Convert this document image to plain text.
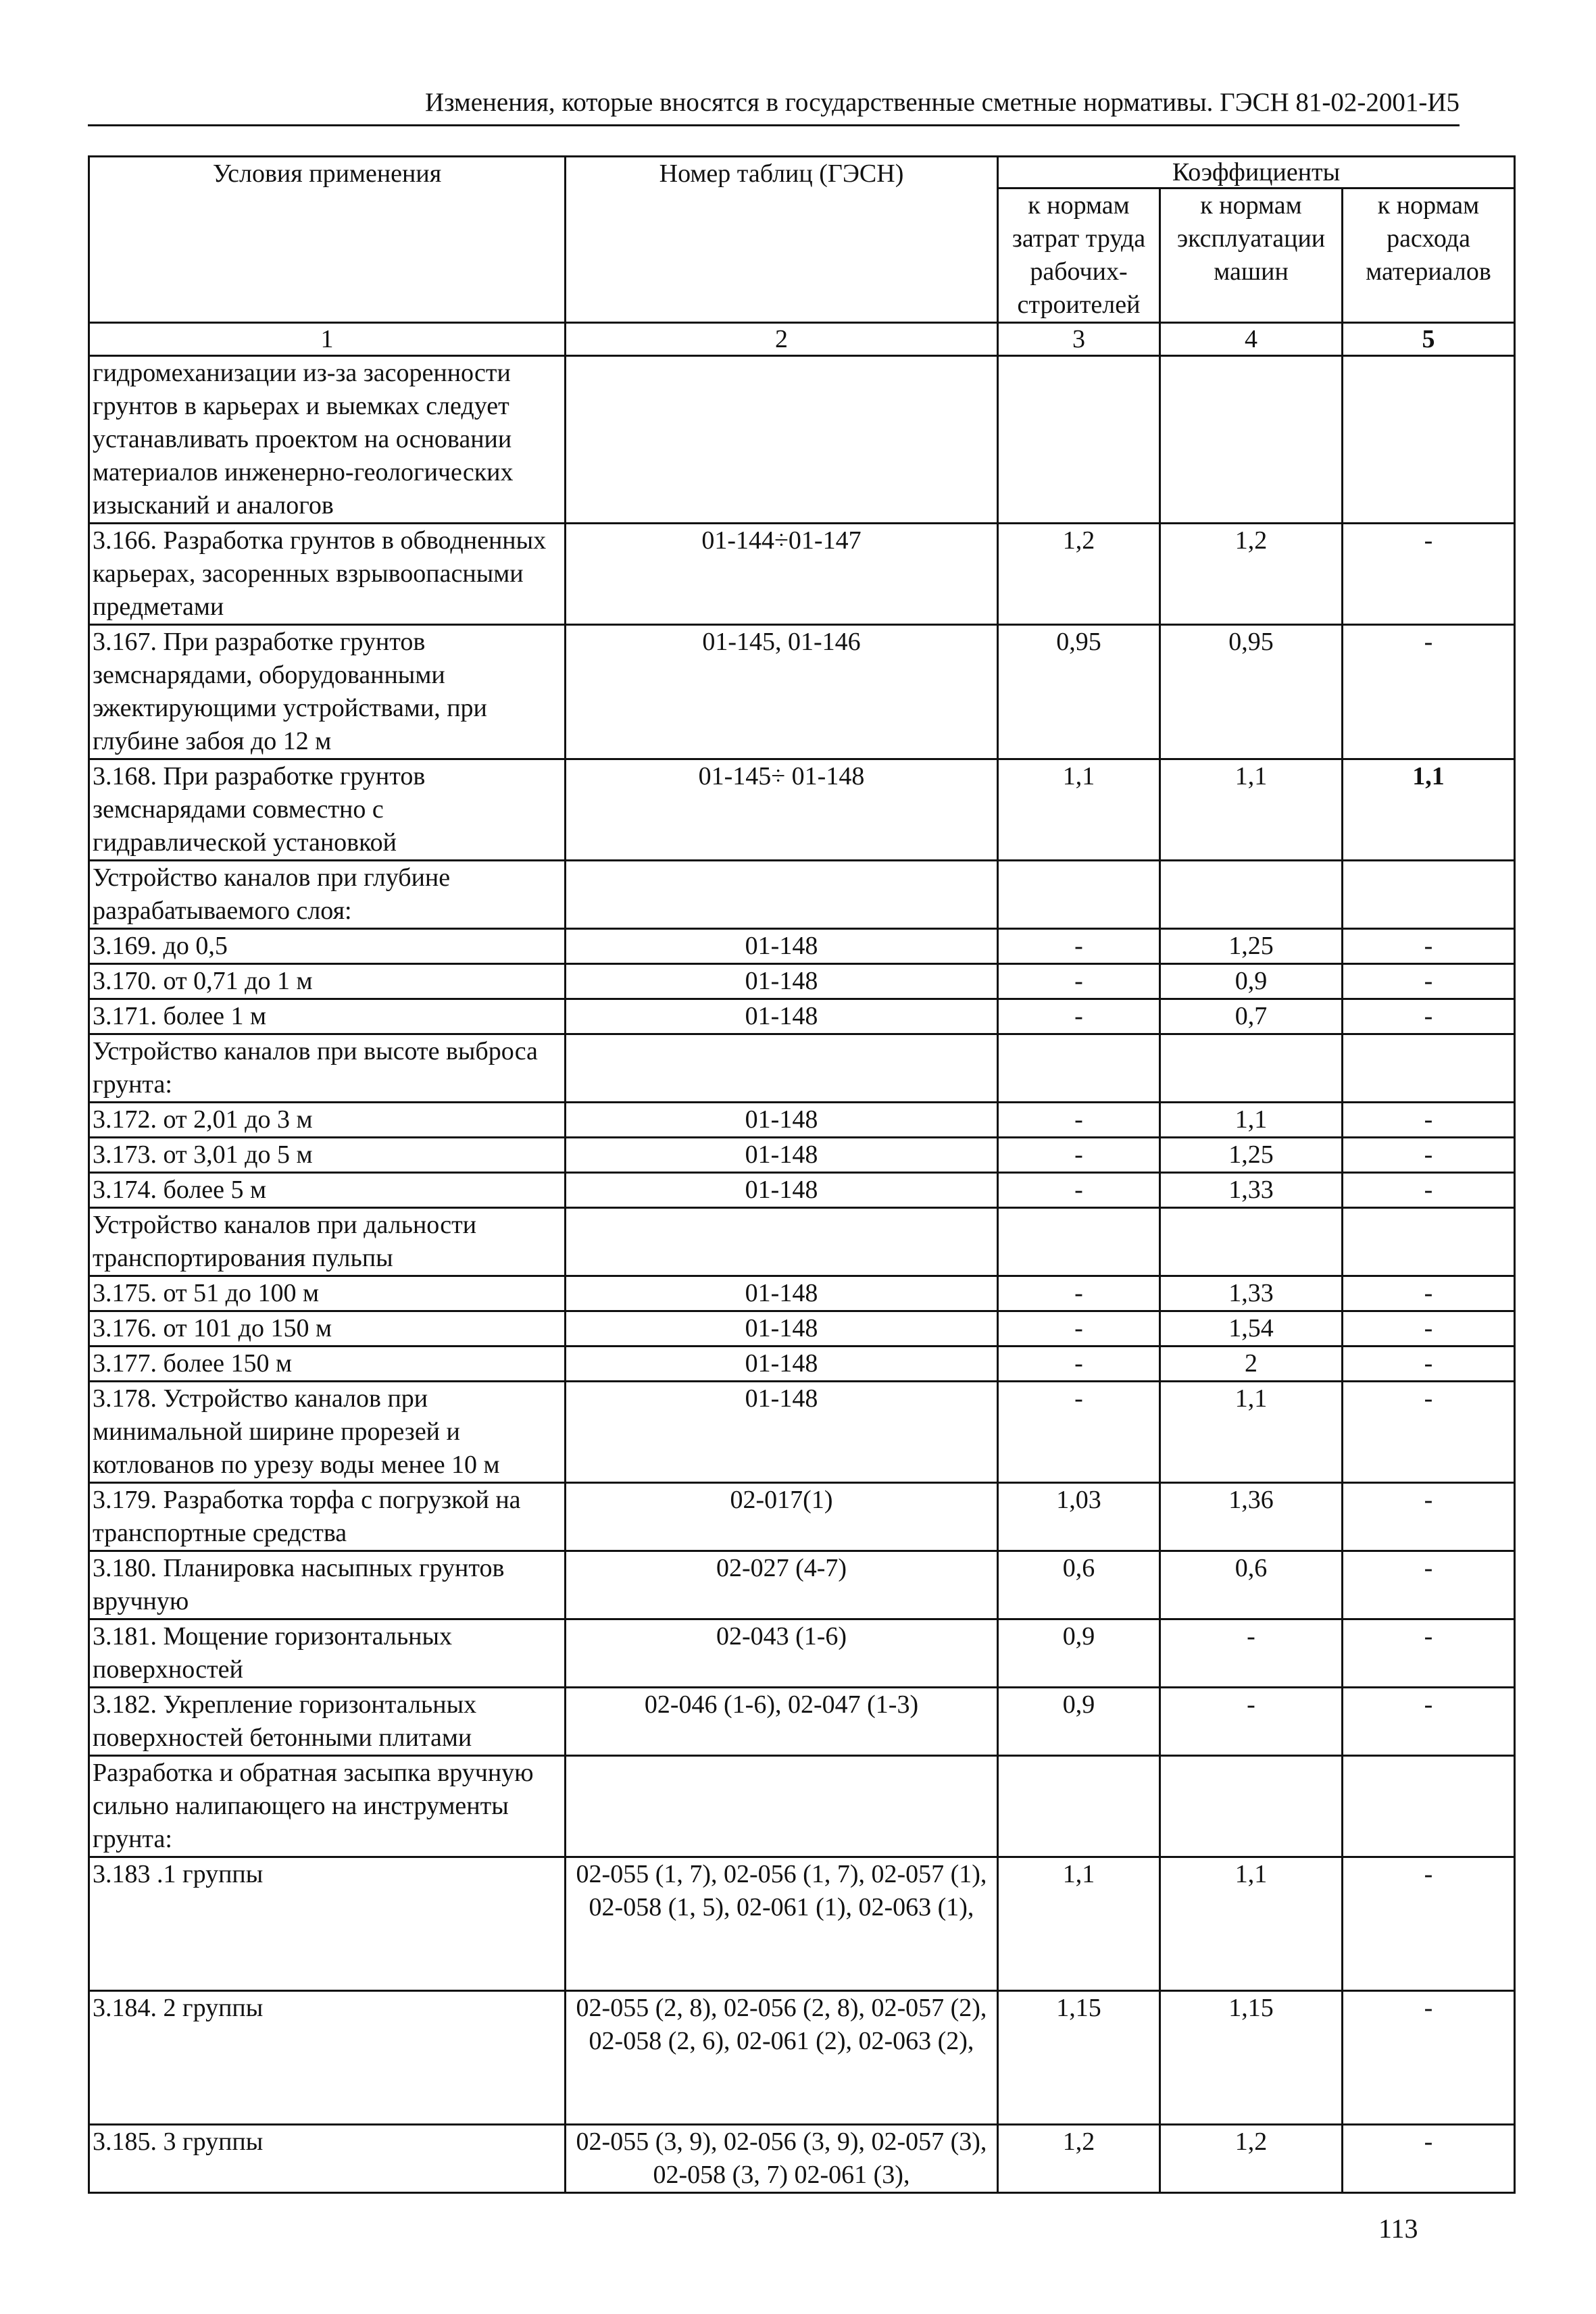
Изменения, которые вносятся в государственные сметные нормативы. ГЭСН 81-02-2001-И5
Условия применения	Номер таблиц (ГЭСН)	Коэффициенты		
		к нормам затрат труда рабочих-строителей	к нормам эксплуатации машин	к нормам расхода материалов
1	2	3	4	5
гидромеханизации из-за засоренности грунтов в карьерах и выемках следует устанавливать проектом на основании материалов инженерно-геологических изысканий и аналогов				
3.166. Разработка грунтов в обводненных карьерах, засоренных взрывоопасными предметами	01-144÷01-147	1,2	1,2	-
3.167. При разработке грунтов земснарядами, оборудованными эжектирующими устройствами, при глубине забоя до 12 м	01-145, 01-146	0,95	0,95	-
3.168. При разработке грунтов земснарядами совместно с гидравлической установкой	01-145÷ 01-148	1,1	1,1	1,1
Устройство каналов при глубине разрабатываемого слоя:				
3.169. до 0,5	01-148	-	1,25	-
3.170. от 0,71 до 1 м	01-148	-	0,9	-
3.171. более 1 м	01-148	-	0,7	-
Устройство каналов при высоте выброса грунта:				
3.172. от 2,01 до 3 м	01-148	-	1,1	-
3.173. от 3,01 до 5 м	01-148	-	1,25	-
3.174. более 5 м	01-148	-	1,33	-
Устройство каналов при дальности транспортирования пульпы				
3.175. от 51 до 100 м	01-148	-	1,33	-
3.176. от 101 до 150 м	01-148	-	1,54	-
3.177. более 150 м	01-148	-	2	-
3.178. Устройство каналов при минимальной ширине прорезей и котлованов по урезу воды менее 10 м	01-148	-	1,1	-
3.179. Разработка торфа с погрузкой на транспортные средства	02-017(1)	1,03	1,36	-
3.180. Планировка насыпных грунтов вручную	02-027 (4-7)	0,6	0,6	-
3.181. Мощение горизонтальных поверхностей	02-043 (1-6)	0,9	-	-
3.182. Укрепление горизонтальных поверхностей бетонными плитами	02-046 (1-6), 02-047 (1-3)	0,9	-	-
Разработка и обратная засыпка вручную сильно налипающего на инструменты грунта:				
3.183 .1 группы	02-055 (1, 7), 02-056 (1, 7), 02-057 (1), 02-058 (1, 5), 02-061 (1), 02-063 (1),	1,1	1,1	-
3.184. 2 группы	02-055 (2, 8), 02-056 (2, 8), 02-057 (2), 02-058 (2, 6), 02-061 (2), 02-063 (2),	1,15	1,15	-
3.185. 3 группы	02-055 (3, 9), 02-056 (3, 9), 02-057 (3), 02-058 (3, 7) 02-061 (3),	1,2	1,2	-
113
